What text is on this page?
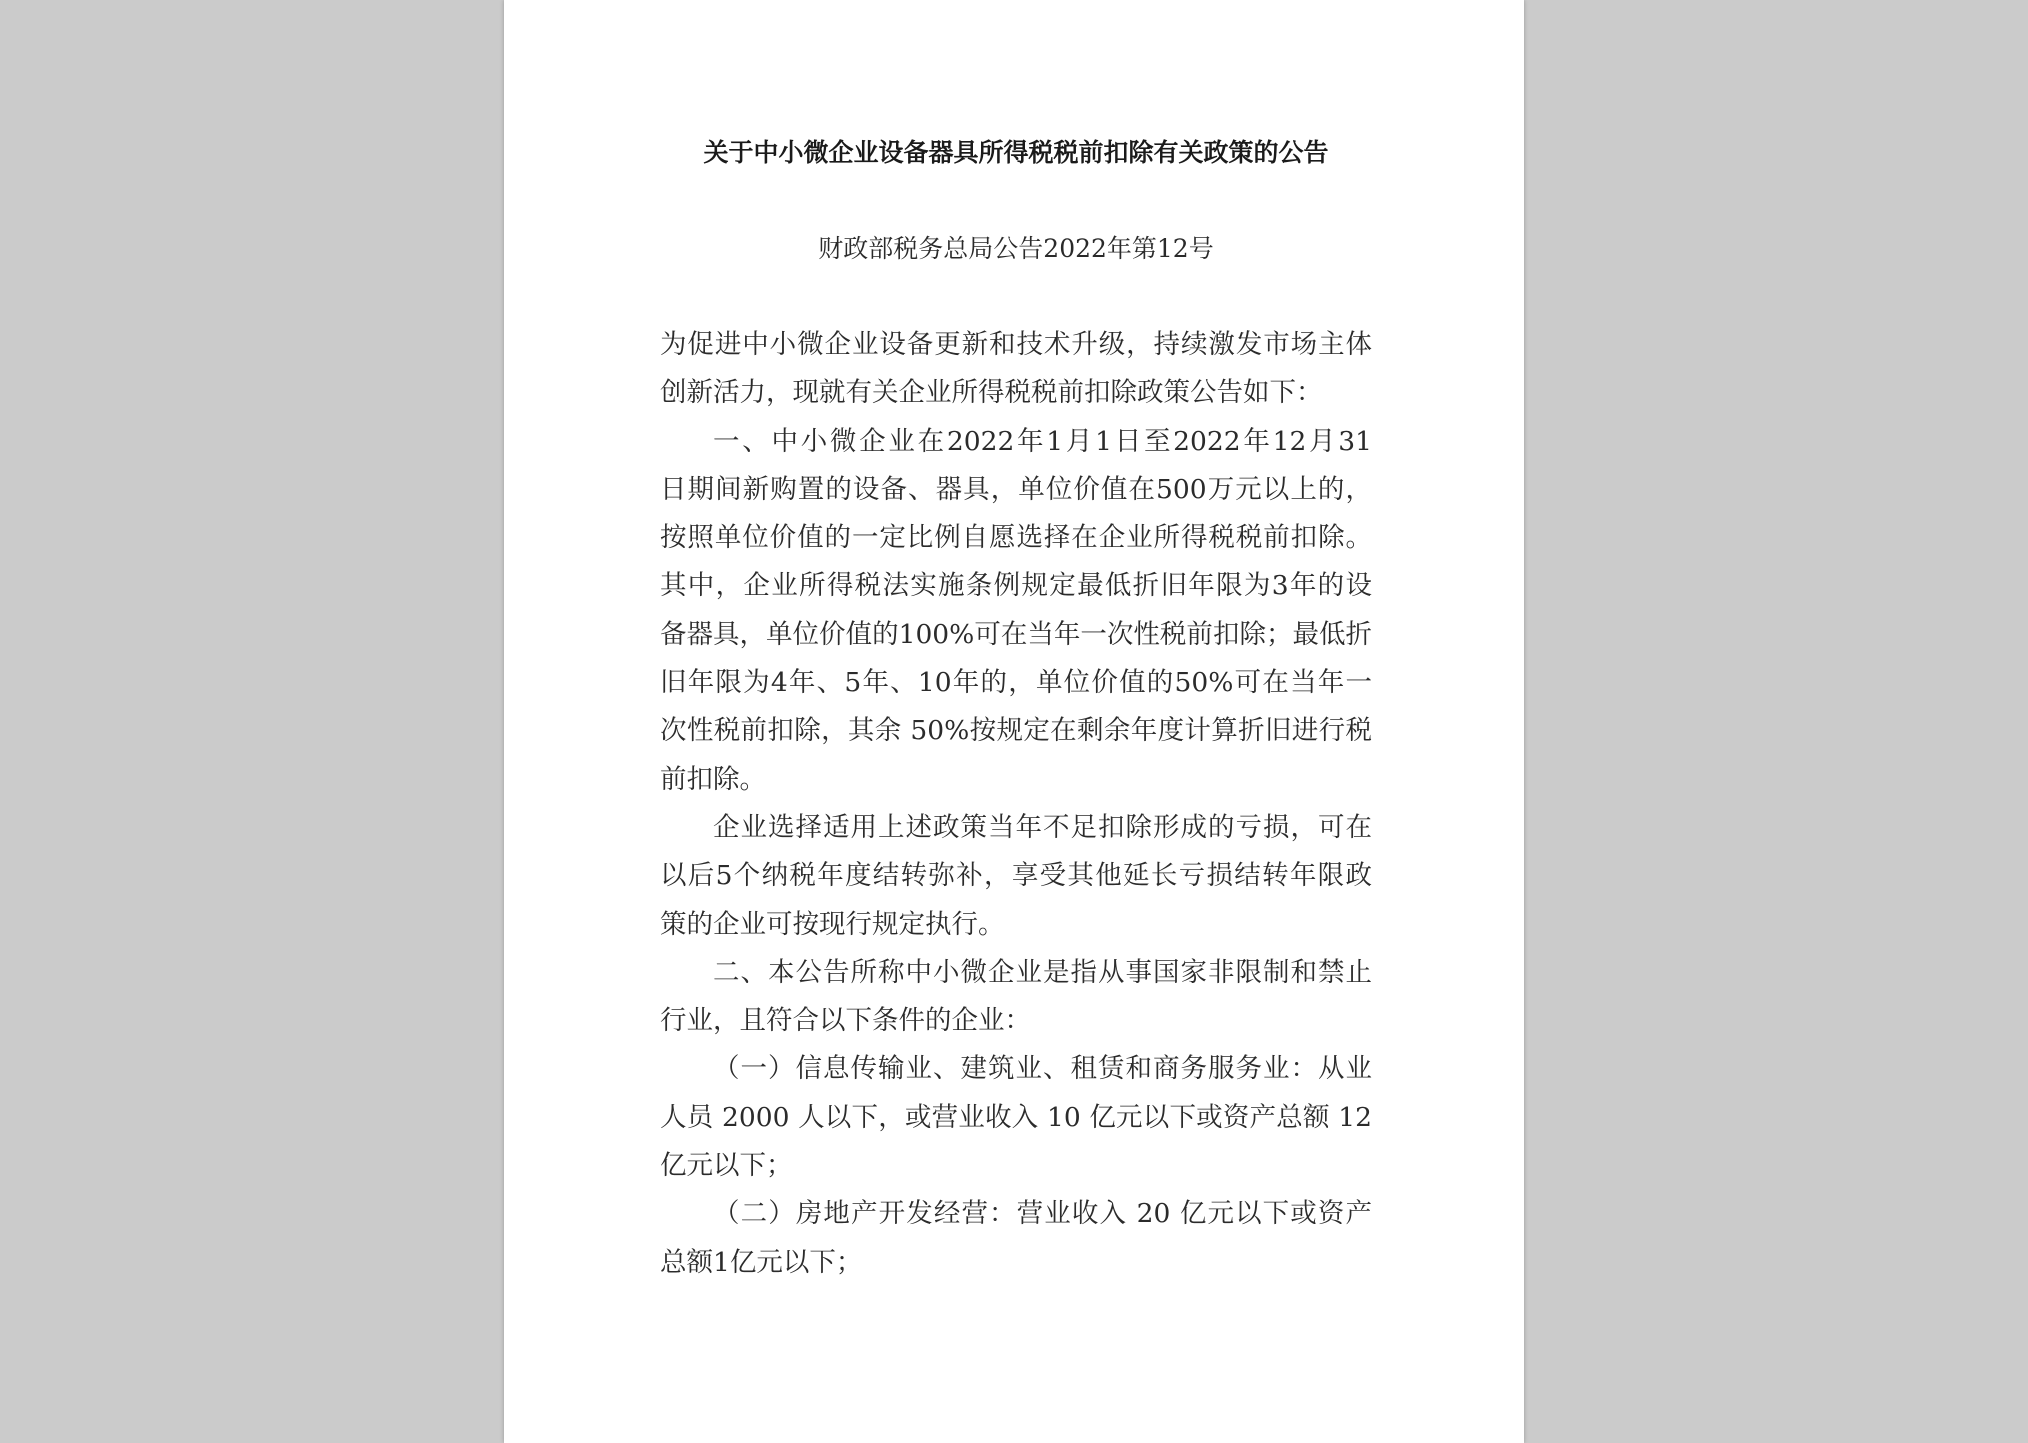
关于中小微企业设备器具所得税税前扣除有关政策的公告
财政部税务总局公告2022年第12号
为促进中小微企业设备更新和技术升级，持续激发市场主体
创新活力，现就有关企业所得税税前扣除政策公告如下：
一、中小微企业在2022年1月1日至2022年12月31
日期间新购置的设备、器具，单位价值在500万元以上的，
按照单位价值的一定比例自愿选择在企业所得税税前扣除。
其中，企业所得税法实施条例规定最低折旧年限为3年的设
备器具，单位价值的100%可在当年一次性税前扣除；最低折
旧年限为4年、5年、10年的，单位价值的50%可在当年一
次性税前扣除，其余 50%按规定在剩余年度计算折旧进行税
前扣除。
企业选择适用上述政策当年不足扣除形成的亏损，可在
以后5个纳税年度结转弥补，享受其他延长亏损结转年限政
策的企业可按现行规定执行。
二、本公告所称中小微企业是指从事国家非限制和禁止
行业，且符合以下条件的企业：
（一）信息传输业、建筑业、租赁和商务服务业：从业
人员 2000 人以下，或营业收入 10 亿元以下或资产总额 12
亿元以下；
（二）房地产开发经营：营业收入 20 亿元以下或资产
总额1亿元以下；
